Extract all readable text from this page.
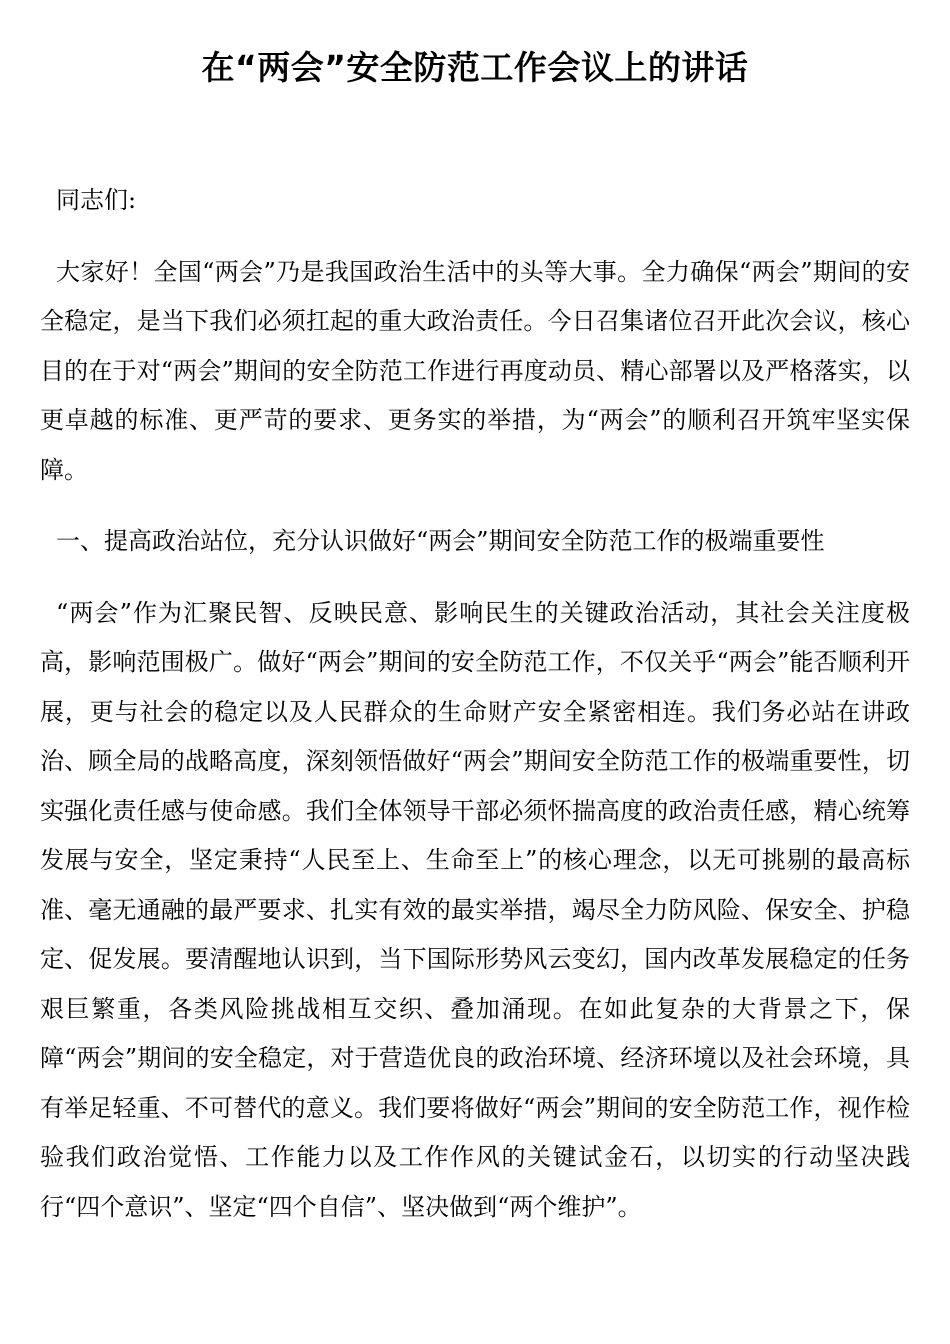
在“两会”安全防范工作会议上的讲话

同志们:

大家好！全国“两会”乃是我国政治生活中的头等大事。全力确保“两会”期间的安全稳定，是当下我们必须扛起的重大政治责任。今日召集诸位召开此次会议，核心目的在于对“两会”期间的安全防范工作进行再度动员、精心部署以及严格落实，以更卓越的标准、更严苛的要求、更务实的举措，为“两会”的顺利召开筑牢坚实保障。

一、提高政治站位，充分认识做好“两会”期间安全防范工作的极端重要性

“两会”作为汇聚民智、反映民意、影响民生的关键政治活动，其社会关注度极高，影响范围极广。做好“两会”期间的安全防范工作，不仅关乎“两会”能否顺利开展，更与社会的稳定以及人民群众的生命财产安全紧密相连。我们务必站在讲政治、顾全局的战略高度，深刻领悟做好“两会”期间安全防范工作的极端重要性，切实强化责任感与使命感。我们全体领导干部必须怀揣高度的政治责任感，精心统筹发展与安全，坚定秉持“人民至上、生命至上”的核心理念，以无可挑剔的最高标准、毫无通融的最严要求、扎实有效的最实举措，竭尽全力防风险、保安全、护稳定、促发展。要清醒地认识到，当下国际形势风云变幻，国内改革发展稳定的任务艰巨繁重，各类风险挑战相互交织、叠加涌现。在如此复杂的大背景之下，保障“两会”期间的安全稳定，对于营造优良的政治环境、经济环境以及社会环境，具有举足轻重、不可替代的意义。我们要将做好“两会”期间的安全防范工作，视作检验我们政治觉悟、工作能力以及工作作风的关键试金石，以切实的行动坚决践行“四个意识”、坚定“四个自信”、坚决做到“两个维护”。
